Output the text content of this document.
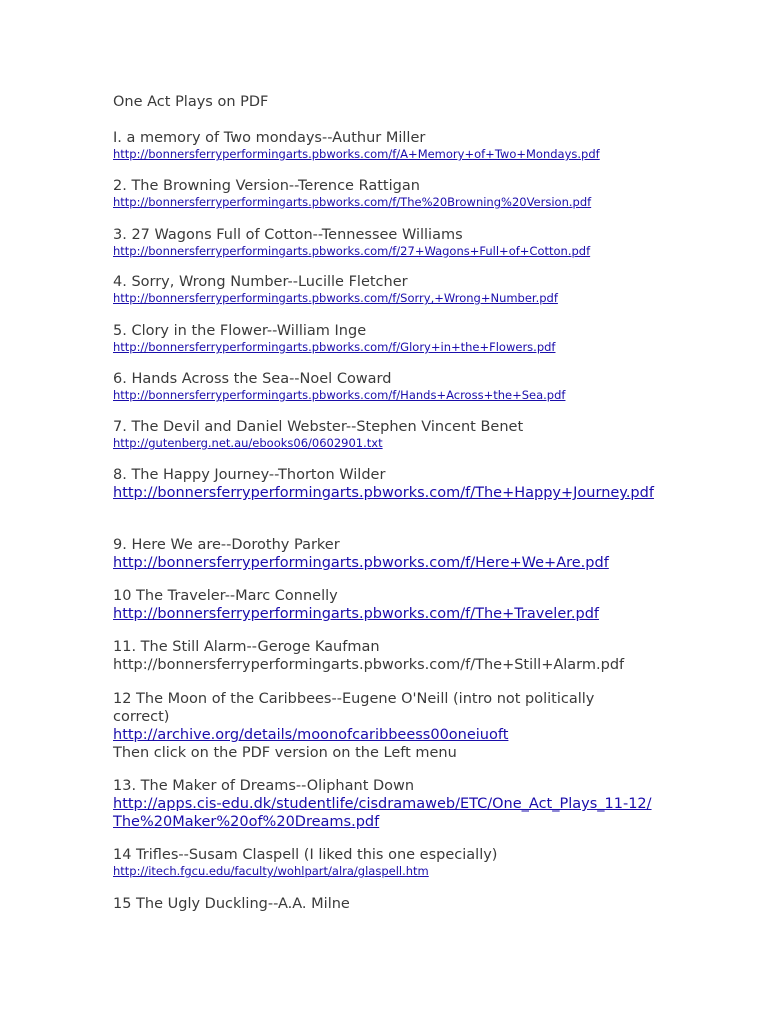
One Act Plays on PDF
I. a memory of Two mondays--Authur Miller
http://bonnersferryperformingarts.pbworks.com/f/A+Memory+of+Two+Mondays.pdf
2. The Browning Version--Terence Rattigan
http://bonnersferryperformingarts.pbworks.com/f/The%20Browning%20Version.pdf
3. 27 Wagons Full of Cotton--Tennessee Williams
http://bonnersferryperformingarts.pbworks.com/f/27+Wagons+Full+of+Cotton.pdf
4. Sorry, Wrong Number--Lucille Fletcher
http://bonnersferryperformingarts.pbworks.com/f/Sorry,+Wrong+Number.pdf
5. Clory in the Flower--William Inge
http://bonnersferryperformingarts.pbworks.com/f/Glory+in+the+Flowers.pdf
6. Hands Across the Sea--Noel Coward
http://bonnersferryperformingarts.pbworks.com/f/Hands+Across+the+Sea.pdf
7. The Devil and Daniel Webster--Stephen Vincent Benet
http://gutenberg.net.au/ebooks06/0602901.txt
8. The Happy Journey--Thorton Wilder
http://bonnersferryperformingarts.pbworks.com/f/The+Happy+Journey.pdf
9. Here We are--Dorothy Parker
http://bonnersferryperformingarts.pbworks.com/f/Here+We+Are.pdf
10 The Traveler--Marc Connelly
http://bonnersferryperformingarts.pbworks.com/f/The+Traveler.pdf
11. The Still Alarm--Geroge Kaufman
http://bonnersferryperformingarts.pbworks.com/f/The+Still+Alarm.pdf
12 The Moon of the Caribbees--Eugene O'Neill (intro not politically correct)
http://archive.org/details/moonofcaribbeess00oneiuoft
Then click on the PDF version on the Left menu
13. The Maker of Dreams--Oliphant Down
http://apps.cis-edu.dk/studentlife/cisdramaweb/ETC/One_Act_Plays_11-12/The%20Maker%20of%20Dreams.pdf
14 Trifles--Susam Claspell (I liked this one especially)
http://itech.fgcu.edu/faculty/wohlpart/alra/glaspell.htm
15 The Ugly Duckling--A.A. Milne
